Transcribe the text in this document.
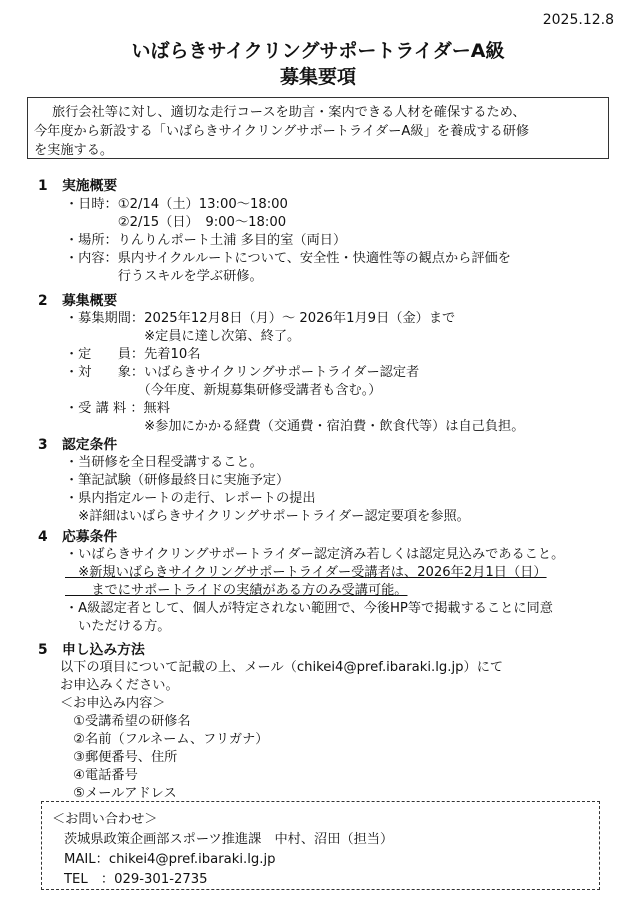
2025.12.8
いばらきサイクリングサポートライダーA級
募集要項
旅行会社等に対し、適切な走行コースを助言・案内できる人材を確保するため、
今年度から新設する「いばらきサイクリングサポートライダーA級」を養成する研修
を実施する。
1 実施概要
・日時：①2/14（土）13:00～18:00
　　　　②2/15（日）　9:00～18:00
・場所：りんりんポート土浦 多目的室（両日）
・内容：県内サイクルルートについて、安全性・快適性等の観点から評価を
　　　　行うスキルを学ぶ研修。
2 募集概要
・募集期間：2025年12月8日（月）～ 2026年1月9日（金）まで
　　　　　　※定員に達し次第、終了。
・定　　員：先着10名
・対　　象：いばらきサイクリングサポートライダー認定者
　　　　　　（今年度、新規募集研修受講者も含む。）
・受 講 料 ：無料
　　　　　　※参加にかかる経費（交通費・宿泊費・飲食代等）は自己負担。
3 認定条件
・当研修を全日程受講すること。
・筆記試験（研修最終日に実施予定）
・県内指定ルートの走行、レポートの提出
　※詳細はいばらきサイクリングサポートライダー認定要項を参照。
4 応募条件
・いばらきサイクリングサポートライダー認定済み若しくは認定見込みであること。
　※新規いばらきサイクリングサポートライダー受講者は、2026年2月1日（日）
　　までにサポートライドの実績がある方のみ受講可能。
・A級認定者として、個人が特定されない範囲で、今後HP等で掲載することに同意
　いただける方。
5 申し込み方法
以下の項目について記載の上、メール（chikei4@pref.ibaraki.lg.jp）にて
お申込みください。
＜お申込み内容＞
　①受講希望の研修名
　②名前（フルネーム、フリガナ）
　③郵便番号、住所
　④電話番号
　⑤メールアドレス
＜お問い合わせ＞
茨城県政策企画部スポーツ推進課　中村、沼田（担当）
MAIL：chikei4@pref.ibaraki.lg.jp
TEL　：029-301-2735
